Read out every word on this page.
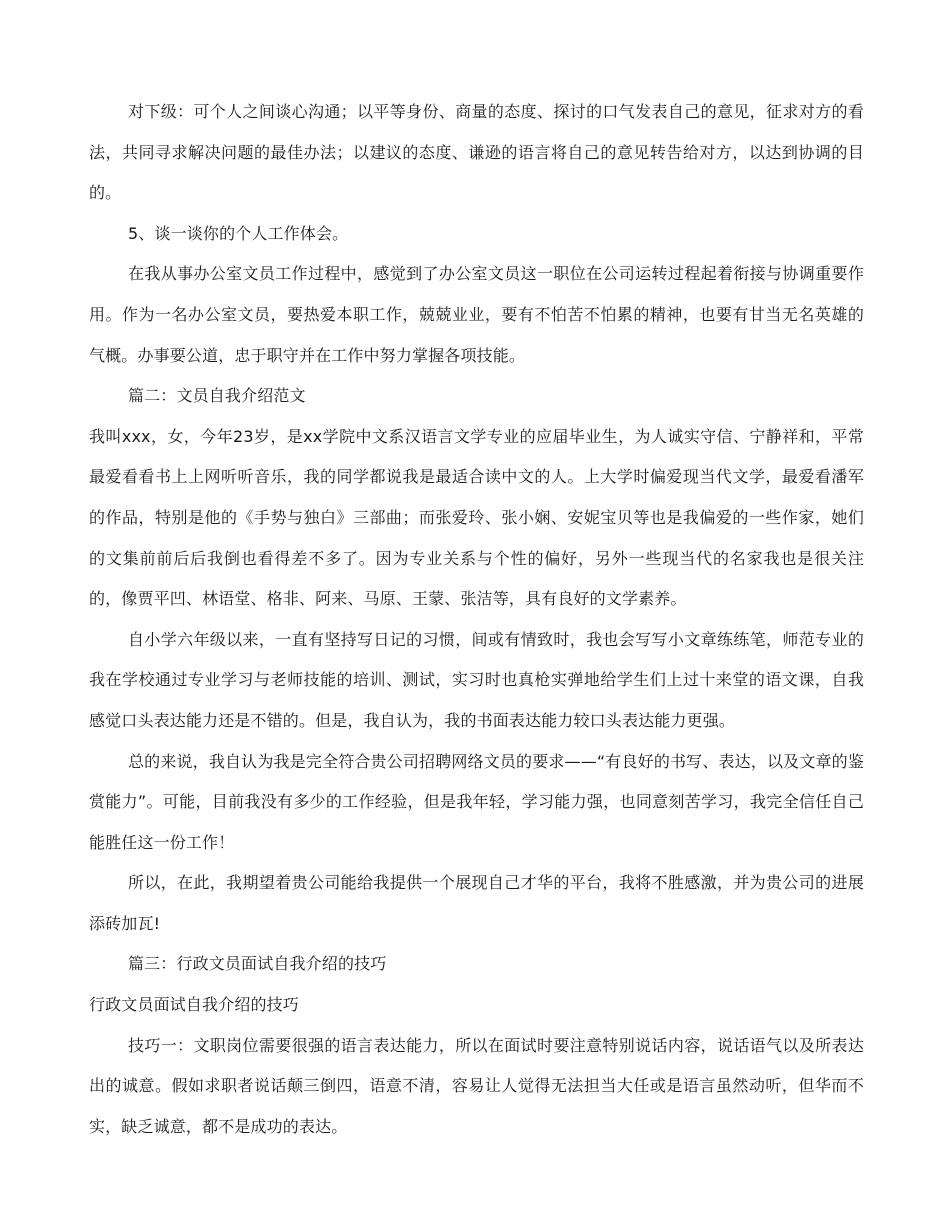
对下级：可个人之间谈心沟通；以平等身份、商量的态度、探讨的口气发表自己的意见，征求对方的看法，共同寻求解决问题的最佳办法；以建议的态度、谦逊的语言将自己的意见转告给对方，以达到协调的目的。

5、谈一谈你的个人工作体会。

在我从事办公室文员工作过程中，感觉到了办公室文员这一职位在公司运转过程起着衔接与协调重要作用。作为一名办公室文员，要热爱本职工作，兢兢业业，要有不怕苦不怕累的精神，也要有甘当无名英雄的气概。办事要公道，忠于职守并在工作中努力掌握各项技能。

篇二：文员自我介绍范文

我叫xxx，女，今年23岁，是xx学院中文系汉语言文学专业的应届毕业生，为人诚实守信、宁静祥和，平常最爱看看书上上网听听音乐，我的同学都说我是最适合读中文的人。上大学时偏爱现当代文学，最爱看潘军的作品，特别是他的《手势与独白》三部曲；而张爱玲、张小娴、安妮宝贝等也是我偏爱的一些作家，她们的文集前前后后我倒也看得差不多了。因为专业关系与个性的偏好，另外一些现当代的名家我也是很关注的，像贾平凹、林语堂、格非、阿来、马原、王蒙、张洁等，具有良好的文学素养。

自小学六年级以来，一直有坚持写日记的习惯，间或有情致时，我也会写写小文章练练笔，师范专业的我在学校通过专业学习与老师技能的培训、测试，实习时也真枪实弹地给学生们上过十来堂的语文课，自我感觉口头表达能力还是不错的。但是，我自认为，我的书面表达能力较口头表达能力更强。

总的来说，我自认为我是完全符合贵公司招聘网络文员的要求——“有良好的书写、表达，以及文章的鉴赏能力”。可能，目前我没有多少的工作经验，但是我年轻，学习能力强，也同意刻苦学习，我完全信任自己能胜任这一份工作！

所以，在此，我期望着贵公司能给我提供一个展现自己才华的平台，我将不胜感激，并为贵公司的进展添砖加瓦!

篇三：行政文员面试自我介绍的技巧

行政文员面试自我介绍的技巧

技巧一：文职岗位需要很强的语言表达能力，所以在面试时要注意特别说话内容，说话语气以及所表达出的诚意。假如求职者说话颠三倒四，语意不清，容易让人觉得无法担当大任或是语言虽然动听，但华而不实，缺乏诚意，都不是成功的表达。
